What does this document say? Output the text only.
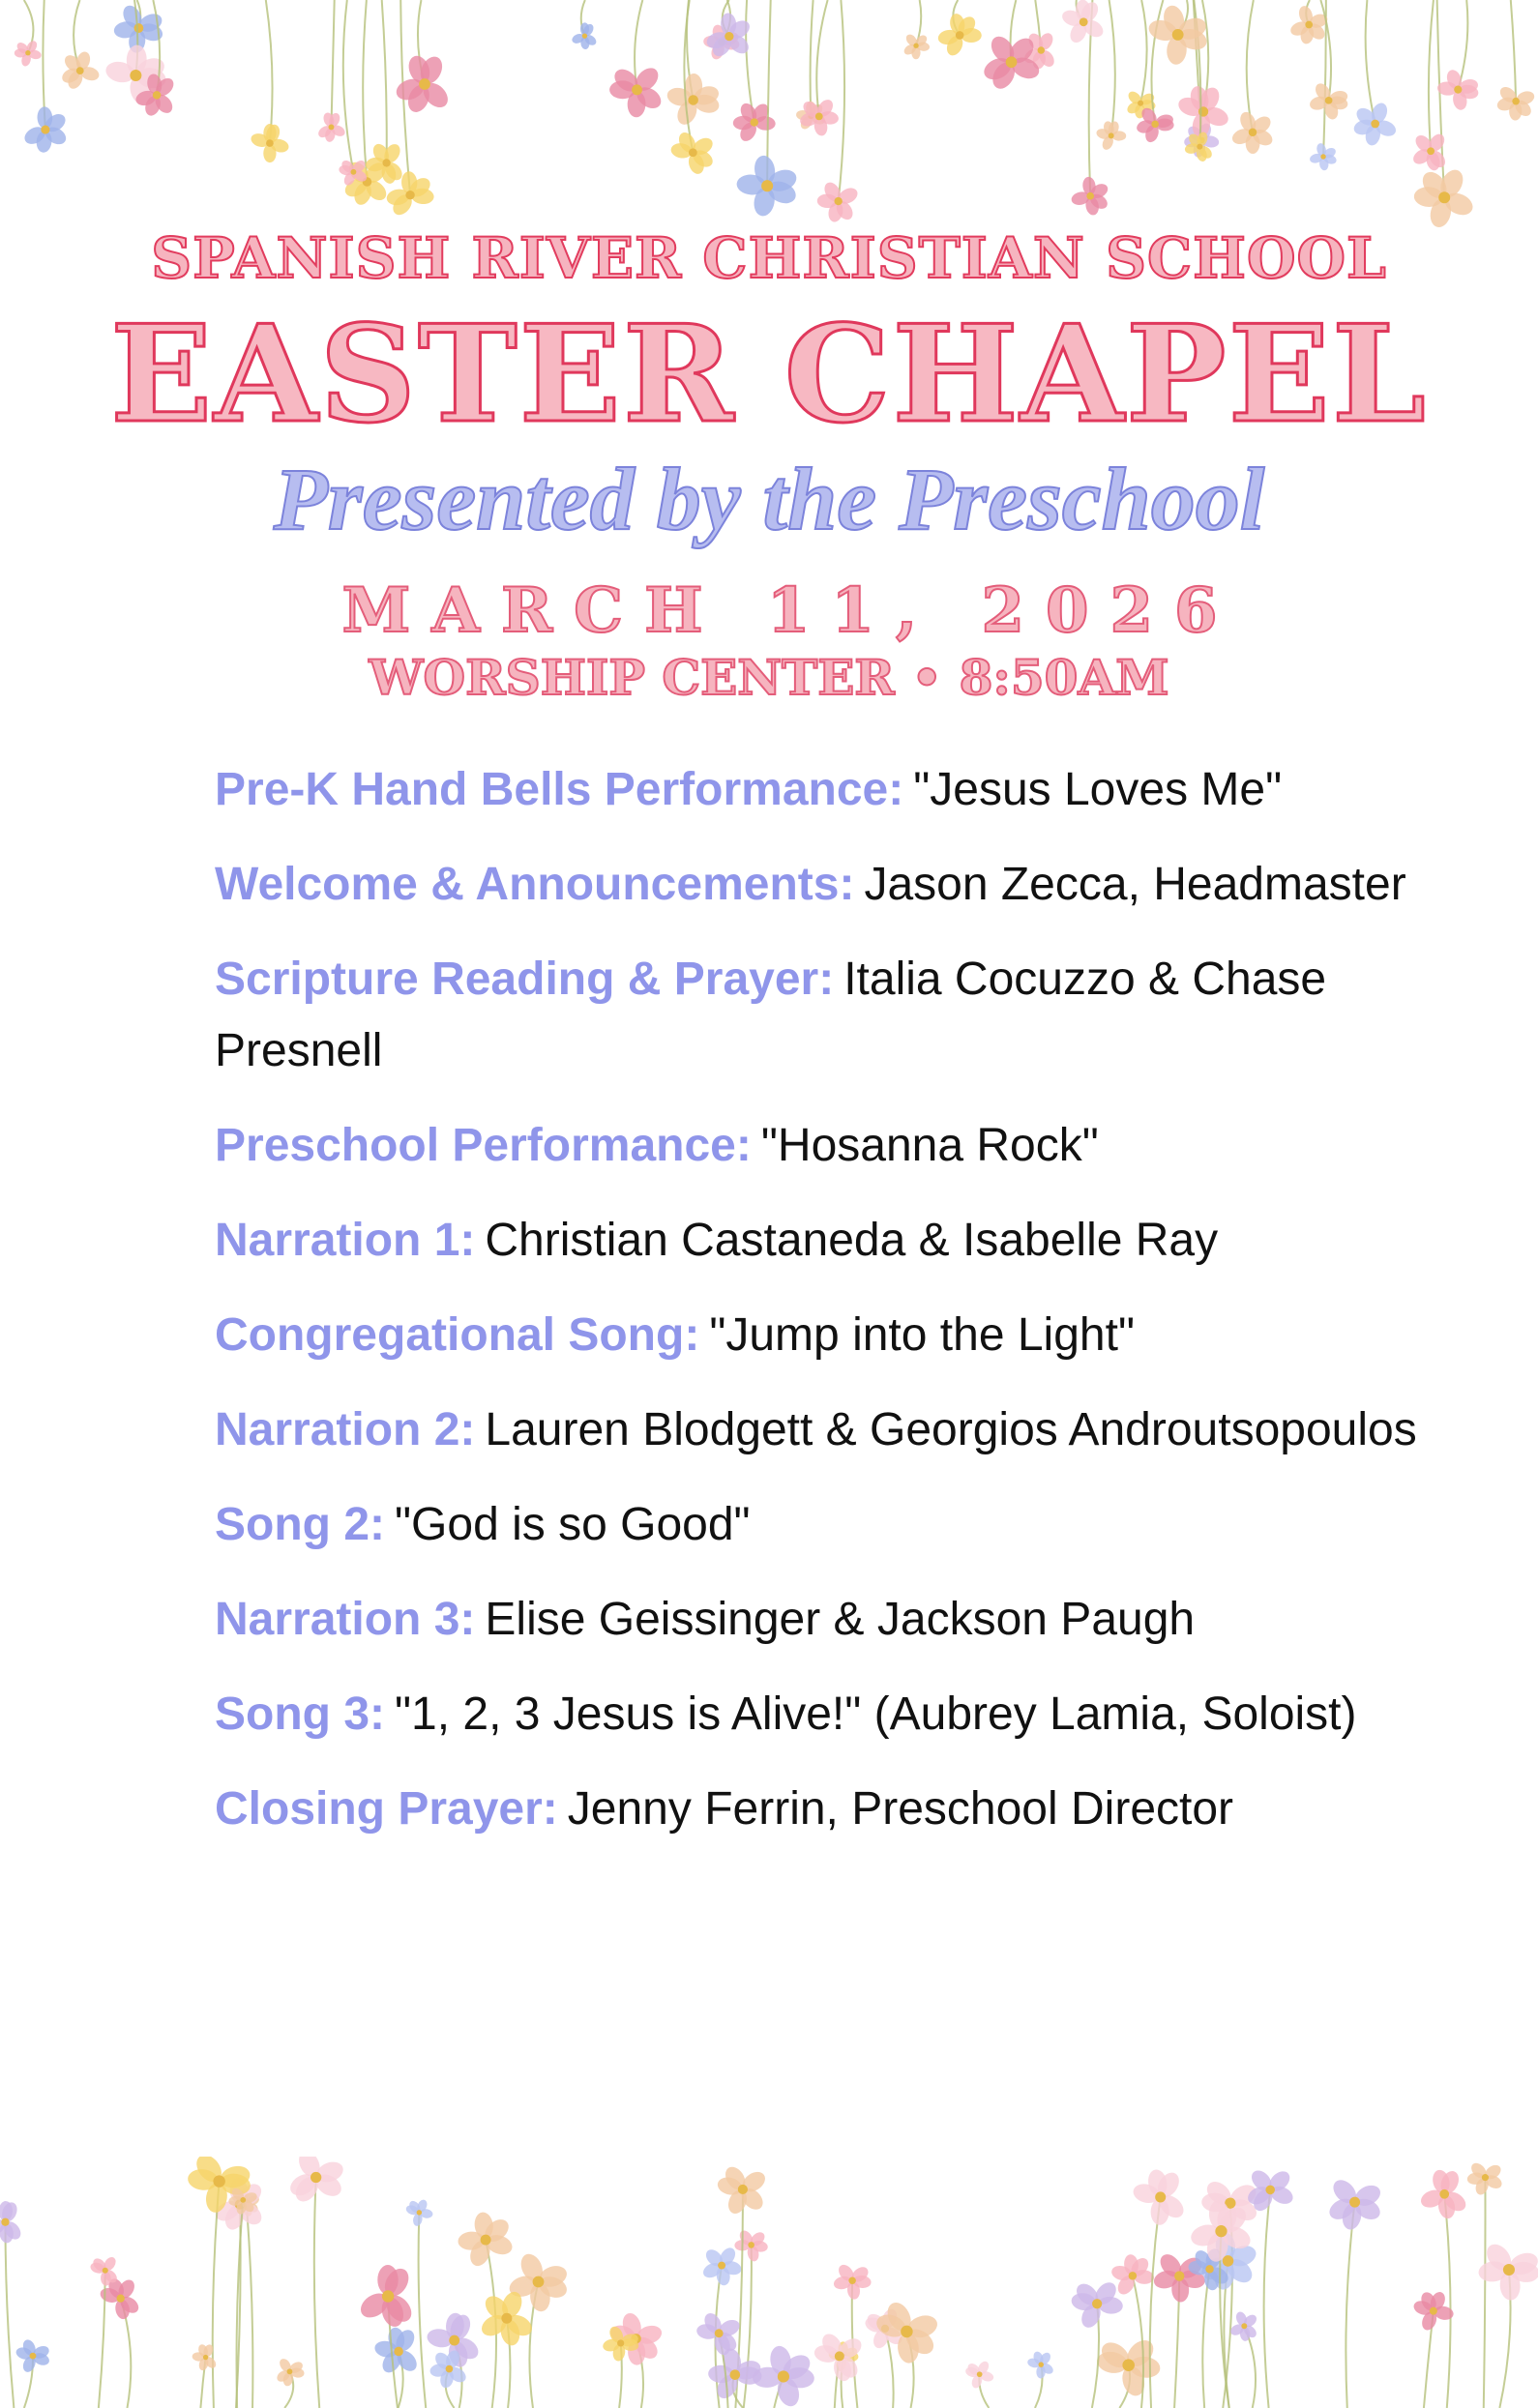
SPANISH RIVER CHRISTIAN SCHOOL
EASTER CHAPEL
Presented by the Preschool
MARCH 11, 2026
WORSHIP CENTER • 8:50AM
Pre-K Hand Bells Performance: "Jesus Loves Me"
Welcome & Announcements: Jason Zecca, Headmaster
Scripture Reading & Prayer: Italia Cocuzzo & Chase Presnell
Preschool Performance: "Hosanna Rock"
Narration 1: Christian Castaneda & Isabelle Ray
Congregational Song: "Jump into the Light"
Narration 2: Lauren Blodgett & Georgios Androutsopoulos
Song 2: "God is so Good"
Narration 3: Elise Geissinger & Jackson Paugh
Song 3: "1, 2, 3 Jesus is Alive!" (Aubrey Lamia, Soloist)
Closing Prayer: Jenny Ferrin, Preschool Director
